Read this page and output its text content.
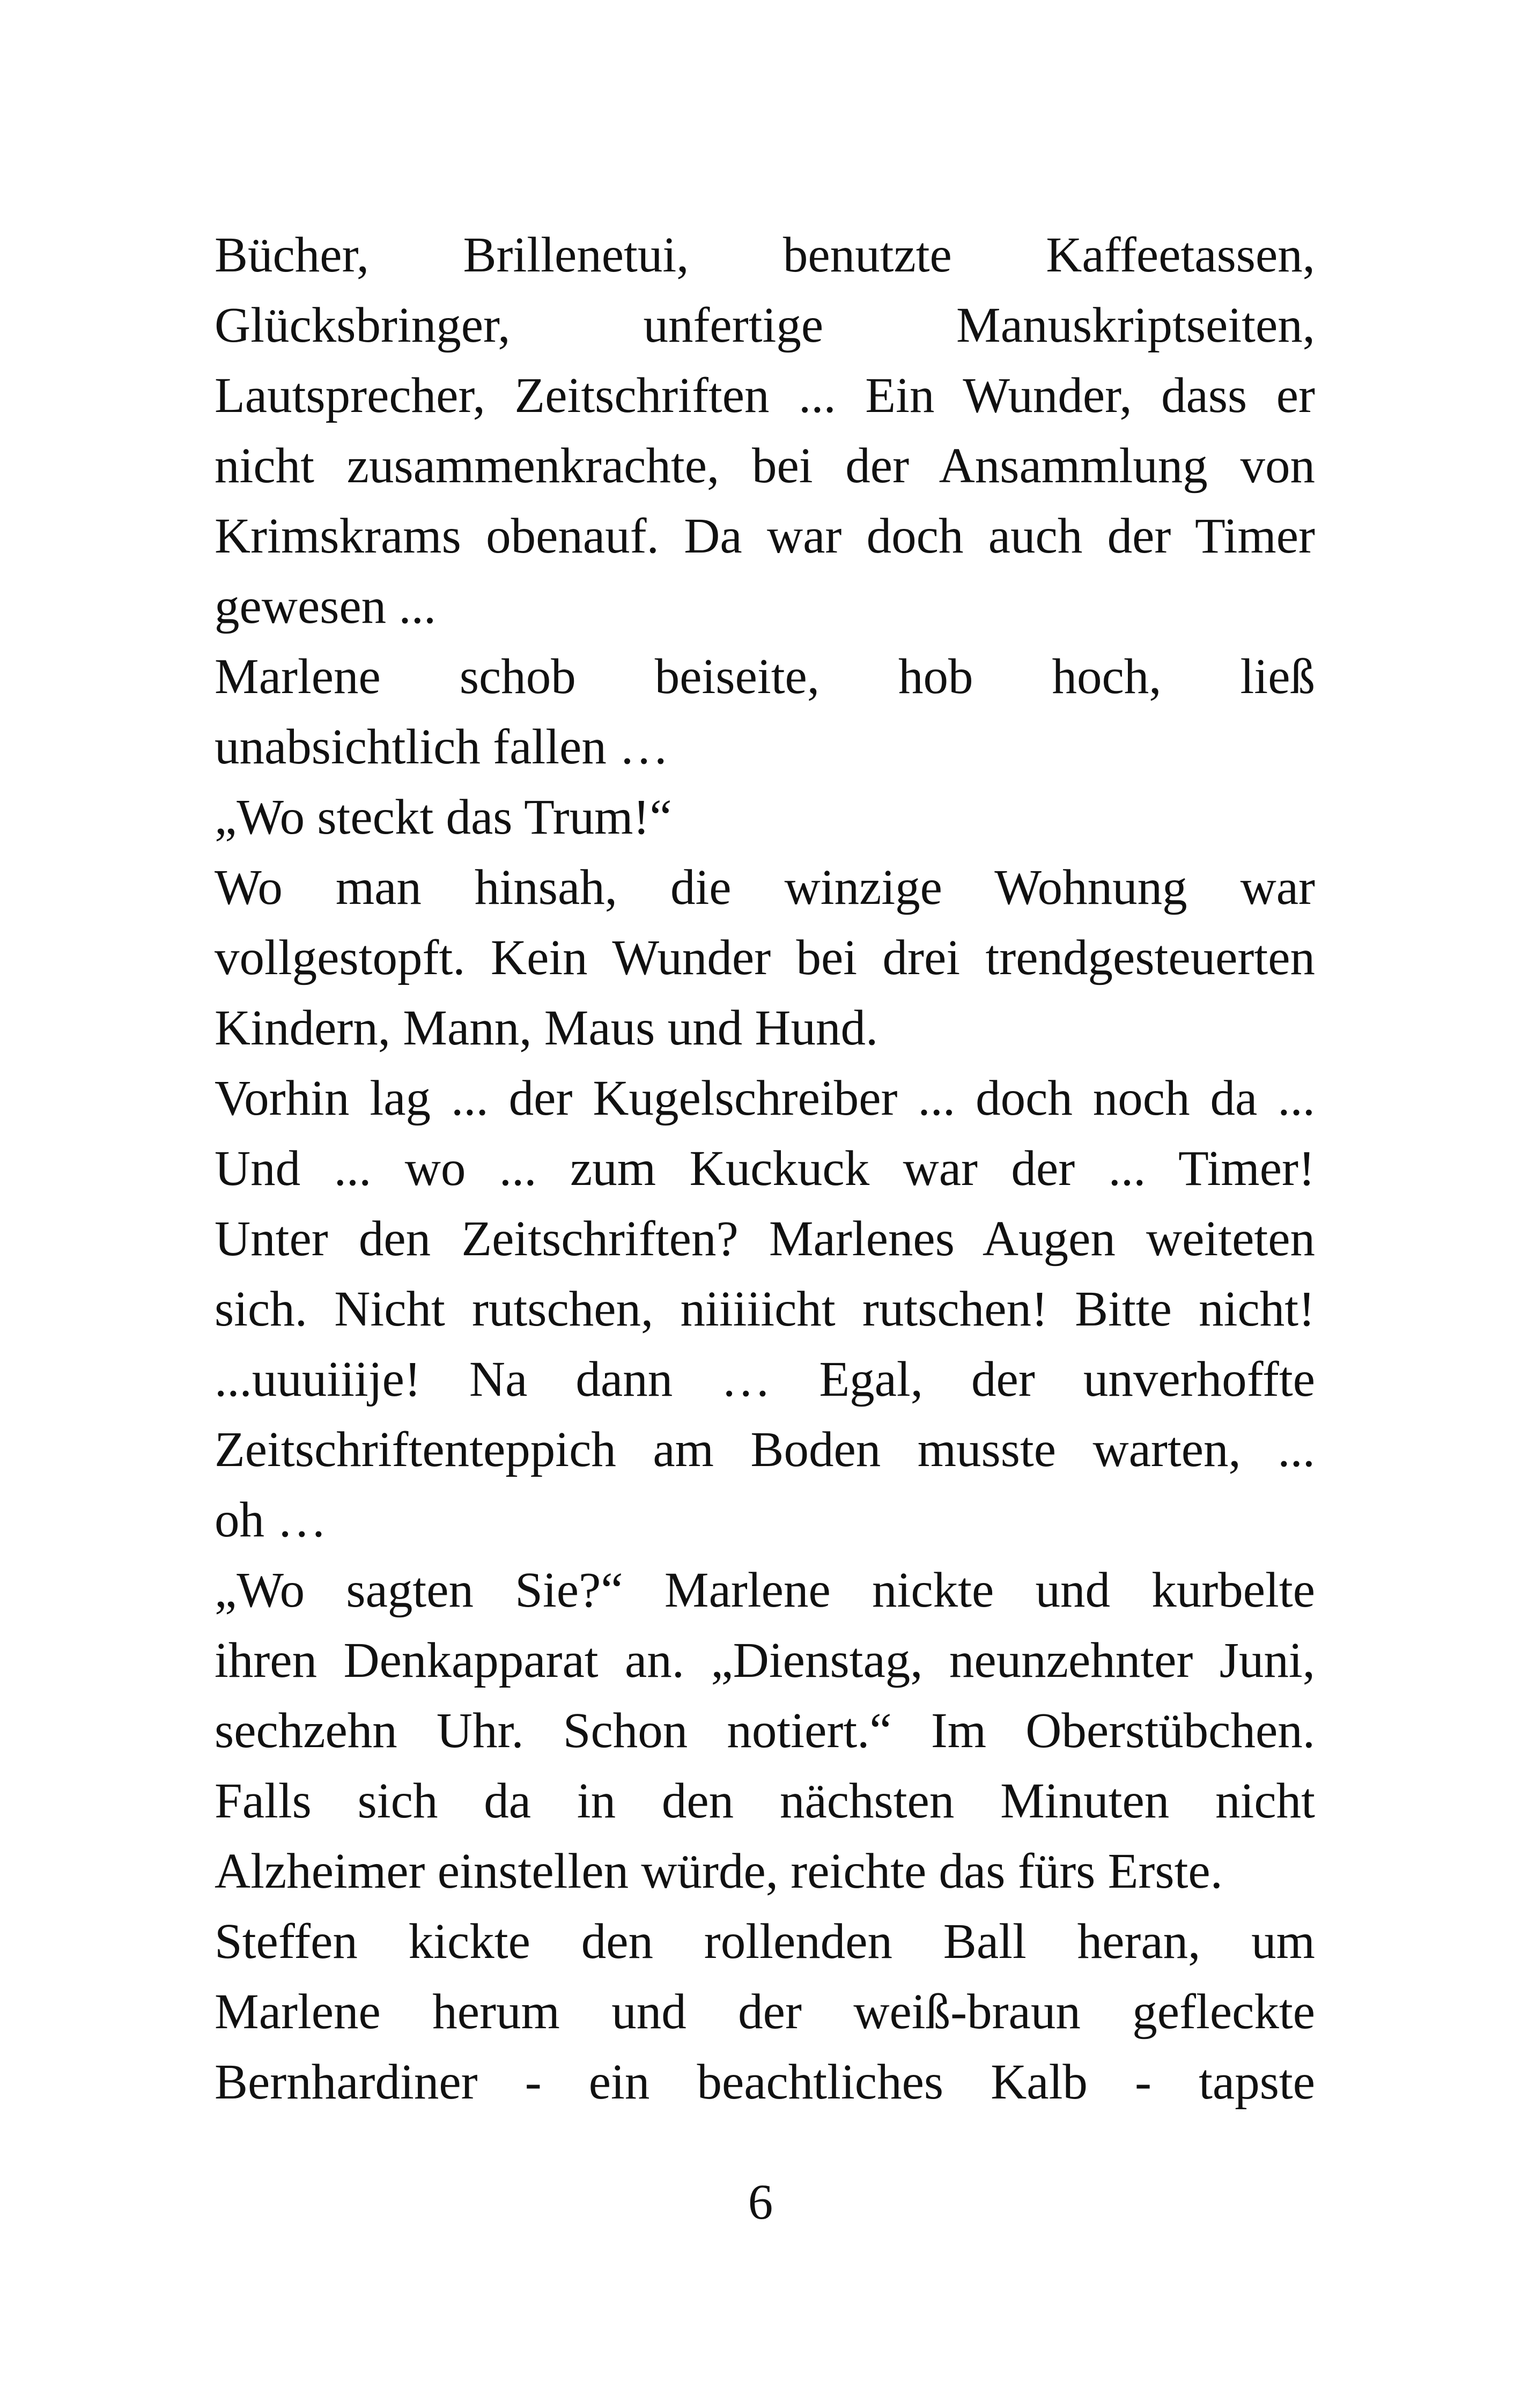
Bücher, Brillenetui, benutzte Kaffeetassen,
Glücksbringer, unfertige Manuskriptseiten,
Lautsprecher, Zeitschriften ... Ein Wunder, dass er
nicht zusammenkrachte, bei der Ansammlung von
Krimskrams obenauf. Da war doch auch der Timer
gewesen ...
Marlene schob beiseite, hob hoch, ließ
unabsichtlich fallen …
„Wo steckt das Trum!“
Wo man hinsah, die winzige Wohnung war
vollgestopft. Kein Wunder bei drei trendgesteuerten
Kindern, Mann, Maus und Hund.
Vorhin lag ... der Kugelschreiber ... doch noch da ...
Und ... wo ... zum Kuckuck war der ... Timer!
Unter den Zeitschriften? Marlenes Augen weiteten
sich. Nicht rutschen, niiiiicht rutschen! Bitte nicht!
...uuuiiije! Na dann … Egal, der unverhoffte
Zeitschriftenteppich am Boden musste warten, ...
oh …
„Wo sagten Sie?“ Marlene nickte und kurbelte
ihren Denkapparat an. „Dienstag, neunzehnter Juni,
sechzehn Uhr. Schon notiert.“ Im Oberstübchen.
Falls sich da in den nächsten Minuten nicht
Alzheimer einstellen würde, reichte das fürs Erste.
Steffen kickte den rollenden Ball heran, um
Marlene herum und der weiß-braun gefleckte
Bernhardiner - ein beachtliches Kalb - tapste
6
